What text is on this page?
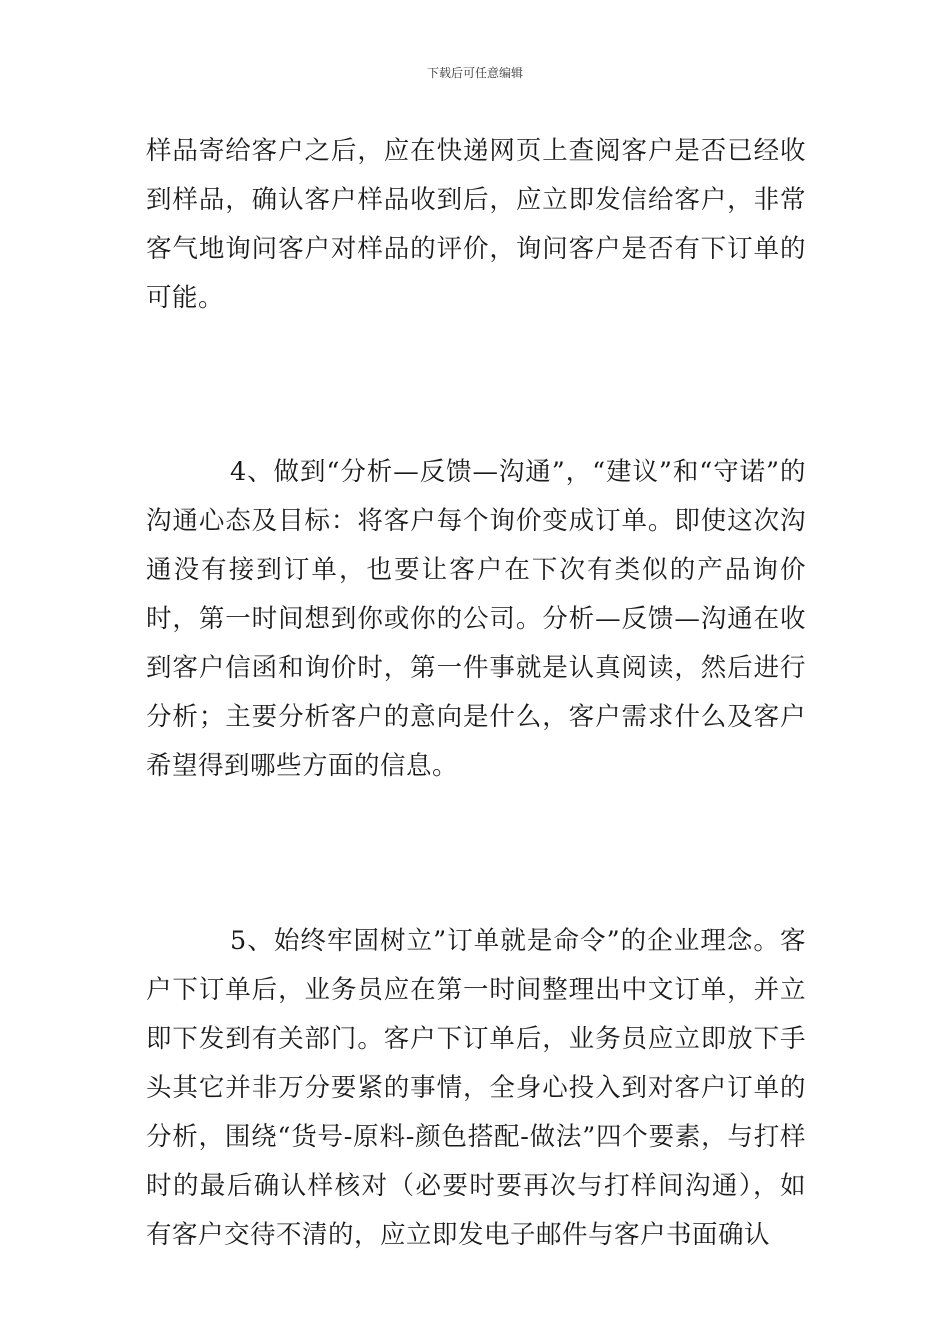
下载后可任意编辑

样品寄给客户之后，应在快递网页上查阅客户是否已经收到样品，确认客户样品收到后，应立即发信给客户，非常客气地询问客户对样品的评价，询问客户是否有下订单的可能。

4、做到“分析—反馈—沟通”，“建议”和“守诺”的沟通心态及目标：将客户每个询价变成订单。即使这次沟通没有接到订单，也要让客户在下次有类似的产品询价时，第一时间想到你或你的公司。分析—反馈—沟通在收到客户信函和询价时，第一件事就是认真阅读，然后进行分析；主要分析客户的意向是什么，客户需求什么及客户希望得到哪些方面的信息。

5、始终牢固树立”订单就是命令”的企业理念。客户下订单后，业务员应在第一时间整理出中文订单，并立即下发到有关部门。客户下订单后，业务员应立即放下手头其它并非万分要紧的事情，全身心投入到对客户订单的分析，围绕“货号-原料-颜色搭配-做法”四个要素，与打样时的最后确认样核对（必要时要再次与打样间沟通），如有客户交待不清的，应立即发电子邮件与客户书面确认
